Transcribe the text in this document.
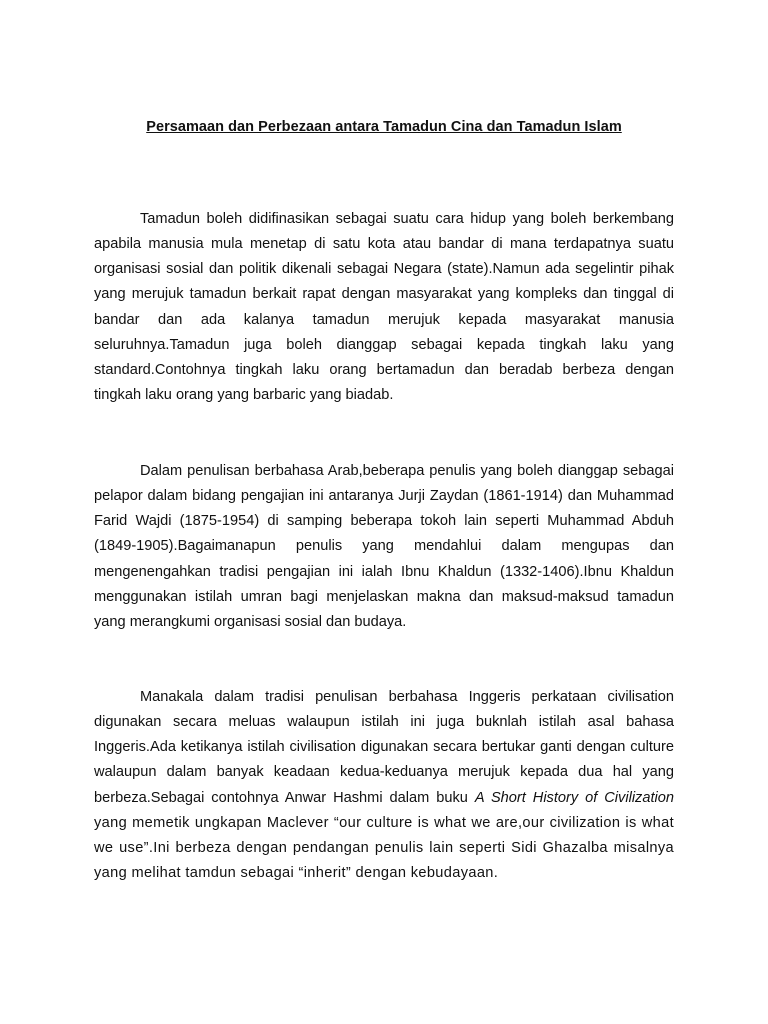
Persamaan dan Perbezaan antara Tamadun Cina dan Tamadun Islam

Tamadun boleh didifinasikan sebagai suatu cara hidup yang boleh berkembang apabila manusia mula menetap di satu kota atau bandar di mana terdapatnya suatu organisasi sosial dan politik dikenali sebagai Negara (state).Namun ada segelintir pihak yang merujuk tamadun berkait rapat dengan masyarakat yang kompleks dan tinggal di bandar dan ada kalanya tamadun merujuk kepada masyarakat manusia seluruhnya.Tamadun juga boleh dianggap sebagai kepada tingkah laku yang standard.Contohnya tingkah laku orang bertamadun dan beradab berbeza dengan tingkah laku orang yang barbaric yang biadab.

Dalam penulisan berbahasa Arab,beberapa penulis yang boleh dianggap sebagai pelapor dalam bidang pengajian ini antaranya Jurji Zaydan (1861-1914) dan Muhammad Farid Wajdi (1875-1954) di samping beberapa tokoh lain seperti Muhammad Abduh (1849-1905).Bagaimanapun penulis yang mendahlui dalam mengupas dan mengenengahkan tradisi pengajian ini ialah Ibnu Khaldun (1332-1406).Ibnu Khaldun menggunakan istilah umran bagi menjelaskan makna dan maksud-maksud tamadun yang merangkumi organisasi sosial dan budaya.

Manakala dalam tradisi penulisan berbahasa Inggeris perkataan civilisation digunakan secara meluas walaupun istilah ini juga buknlah istilah asal bahasa Inggeris.Ada ketikanya istilah civilisation digunakan secara bertukar ganti dengan culture walaupun dalam banyak keadaan kedua-keduanya merujuk kepada dua hal yang berbeza.Sebagai contohnya Anwar Hashmi dalam buku A Short History of Civilization yang memetik ungkapan Maclever “our culture is what we are,our civilization is what we use”.Ini berbeza dengan pendangan penulis lain seperti Sidi Ghazalba misalnya yang melihat tamdun sebagai “inherit” dengan kebudayaan.
